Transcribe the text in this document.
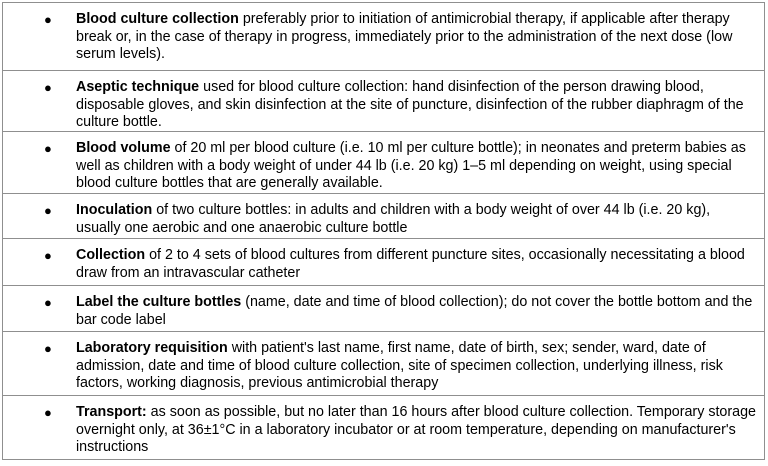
● Blood culture collection preferably prior to initiation of antimicrobial therapy, if applicable after therapy break or, in the case of therapy in progress, immediately prior to the administration of the next dose (low serum levels).
● Aseptic technique used for blood culture collection: hand disinfection of the person drawing blood, disposable gloves, and skin disinfection at the site of puncture, disinfection of the rubber diaphragm of the culture bottle.
● Blood volume of 20 ml per blood culture (i.e. 10 ml per culture bottle); in neonates and preterm babies as well as children with a body weight of under 44 lb (i.e. 20 kg) 1–5 ml depending on weight, using special blood culture bottles that are generally available.
● Inoculation of two culture bottles: in adults and children with a body weight of over 44 lb (i.e. 20 kg), usually one aerobic and one anaerobic culture bottle
● Collection of 2 to 4 sets of blood cultures from different puncture sites, occasionally necessitating a blood draw from an intravascular catheter
● Label the culture bottles (name, date and time of blood collection); do not cover the bottle bottom and the bar code label
● Laboratory requisition with patient's last name, first name, date of birth, sex; sender, ward, date of admission, date and time of blood culture collection, site of specimen collection, underlying illness, risk factors, working diagnosis, previous antimicrobial therapy
● Transport: as soon as possible, but no later than 16 hours after blood culture collection. Temporary storage overnight only, at 36±1°C in a laboratory incubator or at room temperature, depending on manufacturer's instructions
